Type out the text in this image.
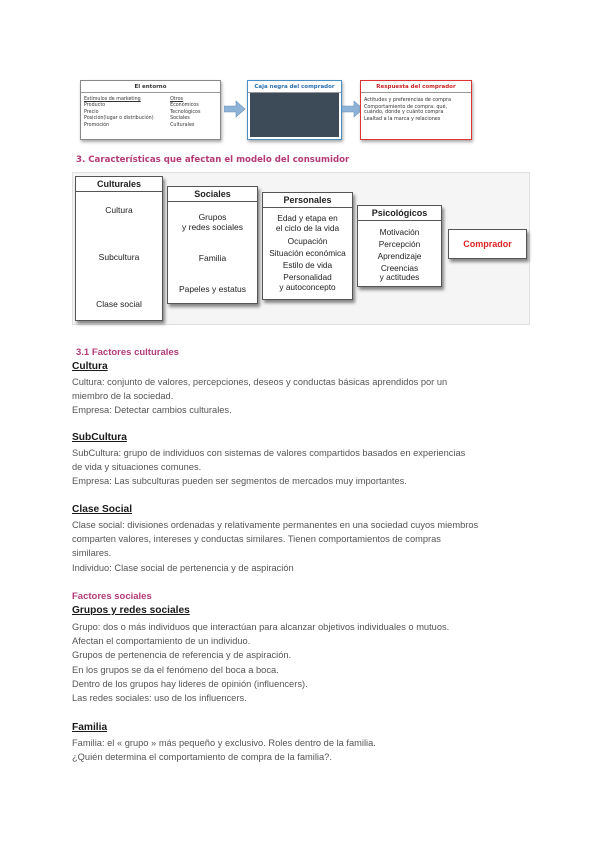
El entorno
Estímulos de marketing
Producto
Precio
Posición(lugar o distribución)
Promoción
Otros
Económicos
Tecnológicos
Sociales
Culturales
Caja negra del comprador	Respuesta del comprador
Actitudes y preferencias de compra
Comportamiento de compra: qué,
cuándo, dónde y cuánto compra
Lealtad a la marca y relaciones
3. Características que afectan el modelo del consumidor
Culturales
Cultura
Subcultura
Clase social
Sociales
Grupos
y redes sociales
Familia
Papeles y estatus
Personales
Edad y etapa en
el ciclo de la vida
Ocupación
Situación económica
Estilo de vida
Personalidad
y autoconcepto
Psicológicos
Motivación
Percepción
Aprendizaje
Creencias
y actitudes
Comprador
3.1 Factores culturales
Cultura

Cultura: conjunto de valores, percepciones, deseos y conductas básicas aprendidos por un

miembro de la sociedad.

Empresa: Detectar cambios culturales.

SubCultura

SubCultura: grupo de individuos con sistemas de valores compartidos basados en experiencias

de vida y situaciones comunes.

Empresa: Las subculturas pueden ser segmentos de mercados muy importantes.

Clase Social

Clase social: divisiones ordenadas y relativamente permanentes en una sociedad cuyos miembros

comparten valores, intereses y conductas similares. Tienen comportamientos de compras

similares.

Individuo: Clase social de pertenencia y de aspiración

Factores sociales
Grupos y redes sociales

Grupo: dos o más individuos que interactúan para alcanzar objetivos individuales o mutuos.

Afectan el comportamiento de un individuo.

Grupos de pertenencia de referencia y de aspiración.

En los grupos se da el fenómeno del boca a boca.

Dentro de los grupos hay lideres de opinión (influencers).

Las redes sociales: uso de los influencers.

Familia

Familia: el « grupo » más pequeño y exclusivo. Roles dentro de la familia.

¿Quién determina el comportamiento de compra de la familia?.
